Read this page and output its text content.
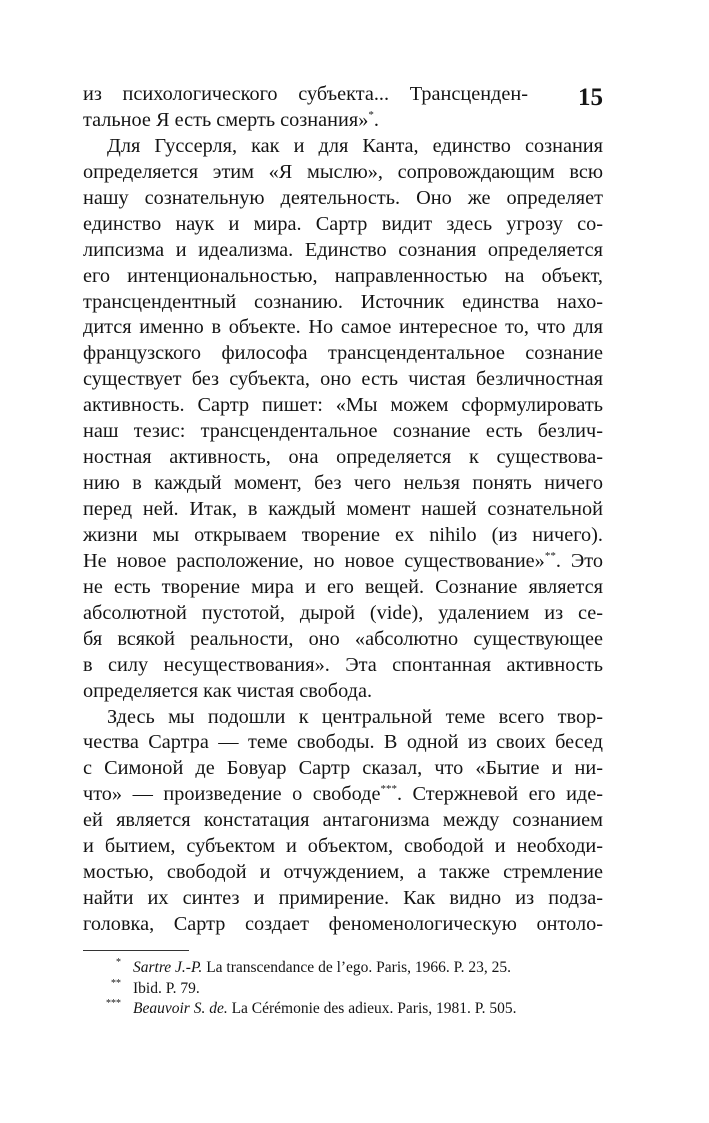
15
из психологического субъекта... Трансценден-
тальное Я есть смерть сознания»*.
Для Гуссерля, как и для Канта, единство сознания
определяется этим «Я мыслю», сопровождающим всю
нашу сознательную деятельность. Оно же определяет
единство наук и мира. Сартр видит здесь угрозу со-
липсизма и идеализма. Единство сознания определяется
его интенциональностью, направленностью на объект,
трансцендентный сознанию. Источник единства нахо-
дится именно в объекте. Но самое интересное то, что для
французского философа трансцендентальное сознание
существует без субъекта, оно есть чистая безличностная
активность. Сартр пишет: «Мы можем сформулировать
наш тезис: трансцендентальное сознание есть безлич-
ностная активность, она определяется к существова-
нию в каждый момент, без чего нельзя понять ничего
перед ней. Итак, в каждый момент нашей сознательной
жизни мы открываем творение ex nihilo (из ничего).
Не новое расположение, но новое существование»**. Это
не есть творение мира и его вещей. Сознание является
абсолютной пустотой, дырой (vide), удалением из се-
бя всякой реальности, оно «абсолютно существующее
в силу несуществования». Эта спонтанная активность
определяется как чистая свобода.
Здесь мы подошли к центральной теме всего твор-
чества Сартра — теме свободы. В одной из своих бесед
с Симоной де Бовуар Сартр сказал, что «Бытие и ни-
что» — произведение о свободе***. Стержневой его иде-
ей является констатация антагонизма между сознанием
и бытием, субъектом и объектом, свободой и необходи-
мостью, свободой и отчуждением, а также стремление
найти их синтез и примирение. Как видно из подза-
головка, Сартр создает феноменологическую онтоло-
* Sartre J.-P. La transcendance de l’ego. Paris, 1966. P. 23, 25.
** Ibid. P. 79.
*** Beauvoir S. de. La Cérémonie des adieux. Paris, 1981. P. 505.
